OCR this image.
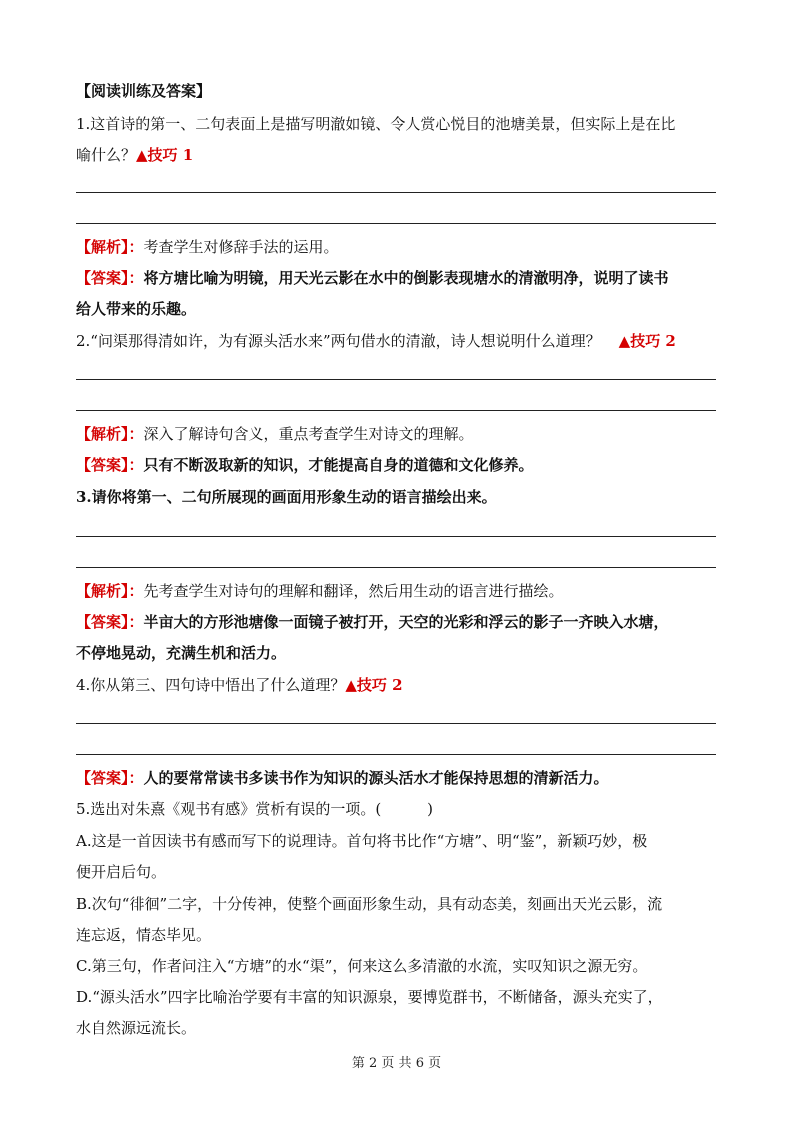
【阅读训练及答案】
1.这首诗的第一、二句表面上是描写明澈如镜、令人赏心悦目的池塘美景，但实际上是在比
喻什么？▲技巧 1
【解析】：考查学生对修辞手法的运用。
【答案】：将方塘比喻为明镜，用天光云影在水中的倒影表现塘水的清澈明净，说明了读书
给人带来的乐趣。
2.“问渠那得清如许，为有源头活水来”两句借水的清澈，诗人想说明什么道理？ ▲技巧 2
【解析】：深入了解诗句含义，重点考查学生对诗文的理解。
【答案】：只有不断汲取新的知识，才能提高自身的道德和文化修养。
3.请你将第一、二句所展现的画面用形象生动的语言描绘出来。
【解析】：先考查学生对诗句的理解和翻译，然后用生动的语言进行描绘。
【答案】：半亩大的方形池塘像一面镜子被打开，天空的光彩和浮云的影子一齐映入水塘，
不停地晃动，充满生机和活力。
4.你从第三、四句诗中悟出了什么道理？▲技巧 2
【答案】：人的要常常读书多读书作为知识的源头活水才能保持思想的清新活力。
5.选出对朱熹《观书有感》赏析有误的一项。(	)
A.这是一首因读书有感而写下的说理诗。首句将书比作“方塘”、明“鉴”，新颖巧妙，极
便开启后句。
B.次句“徘徊”二字，十分传神，使整个画面形象生动，具有动态美，刻画出天光云影，流
连忘返，情态毕见。
C.第三句，作者问注入“方塘”的水“渠”，何来这么多清澈的水流，实叹知识之源无穷。
D.“源头活水”四字比喻治学要有丰富的知识源泉，要博览群书，不断储备，源头充实了，
水自然源远流长。
第 2 页 共 6 页
